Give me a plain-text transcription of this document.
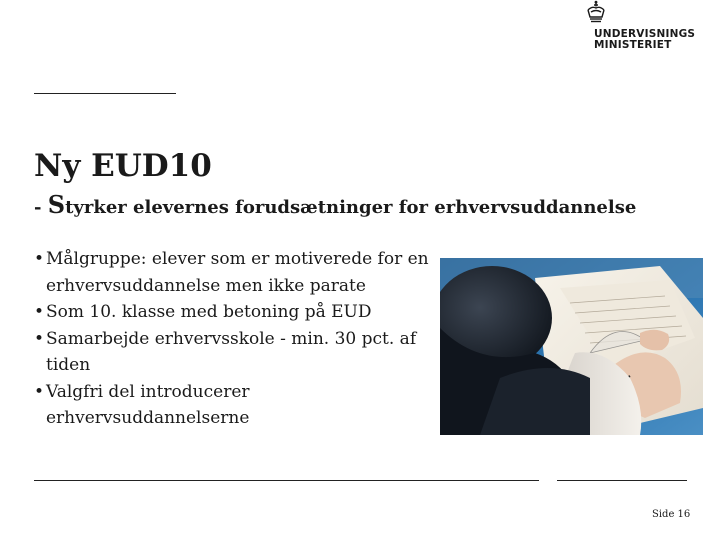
UNDERVISNINGS
MINISTERIET
Ny EUD10
- Styrker elevernes forudsætninger for erhvervsuddannelse
• Målgruppe: elever som er motiverede for en erhvervsuddannelse men ikke parate
• Som 10. klasse med betoning på EUD
• Samarbejde erhvervsskole - min. 30 pct. af tiden
• Valgfri del introducerer erhvervsuddannelserne
Side 16
